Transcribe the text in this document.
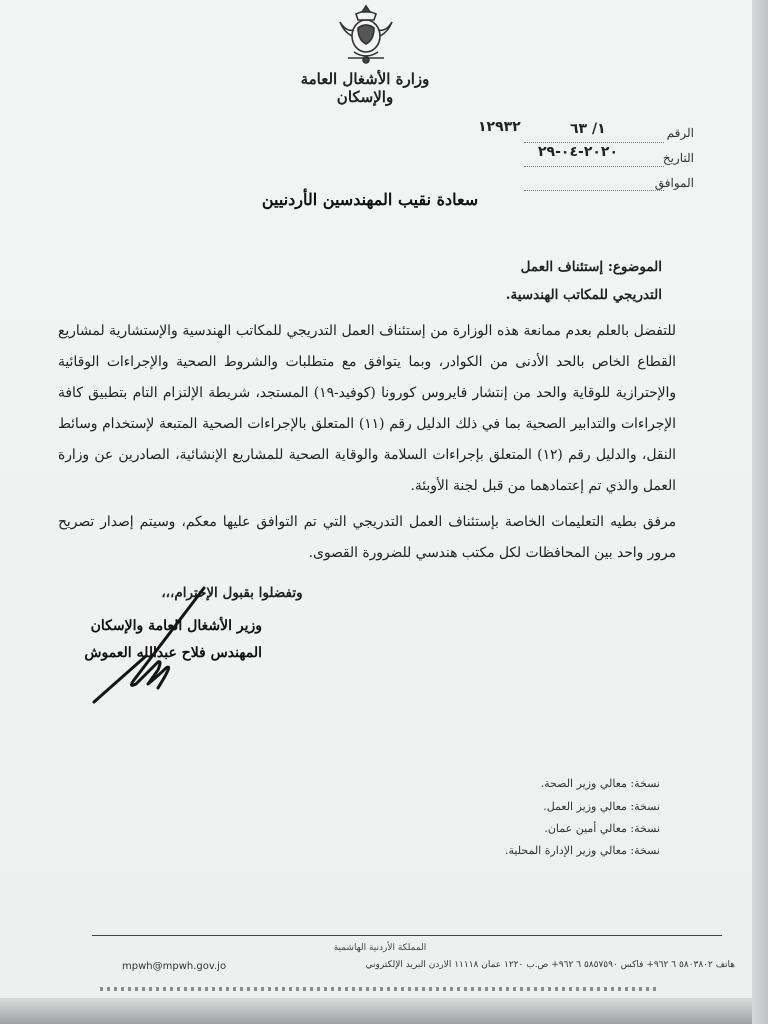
وزارة الأشغال العامة والإسكان
الرقم
١/ ٦٣
١٢٩٣٢
التاريخ
٢٠٢٠-٠٤-٢٩
الموافق
سعادة نقيب المهندسين الأردنيين
الموضوع: إستئناف العمل
التدريجي للمكاتب الهندسية.
للتفضل بالعلم بعدم ممانعة هذه الوزارة من إستئناف العمل التدريجي للمكاتب الهندسية والإستشارية لمشاريع القطاع الخاص بالحد الأدنى من الكوادر، وبما يتوافق مع متطلبات والشروط الصحية والإجراءات الوقائية والإحترازية للوقاية والحد من إنتشار فايروس كورونا (كوفيد-١٩) المستجد، شريطة الإلتزام التام بتطبيق كافة الإجراءات والتدابير الصحية بما في ذلك الدليل رقم (١١) المتعلق بالإجراءات الصحية المتبعة لإستخدام وسائط النقل، والدليل رقم (١٢) المتعلق بإجراءات السلامة والوقاية الصحية للمشاريع الإنشائية، الصادرين عن وزارة العمل والذي تم إعتمادهما من قبل لجنة الأوبئة.
مرفق بطيه التعليمات الخاصة بإستئناف العمل التدريجي التي تم التوافق عليها معكم، وسيتم إصدار تصريح مرور واحد بين المحافظات لكل مكتب هندسي للضرورة القصوى.
وتفضلوا بقبول الإحترام،،،
وزير الأشغال العامة والإسكان
المهندس فلاح عبدالله العموش
نسخة: معالي وزير الصحة.
نسخة: معالي وزير العمل.
نسخة: معالي أمين عمان.
نسخة: معالي وزير الإدارة المحلية.
المملكة الأردنية الهاشمية
هاتف ٥٨٠٣٨٠٢ ٦ ٩٦٢+ فاكس ٥٨٥٧٥٩٠ ٦ ٩٦٢+ ص.ب ١٢٢٠ عمان ١١١١٨ الأردن البريد الإلكتروني
mpwh@mpwh.gov.jo
